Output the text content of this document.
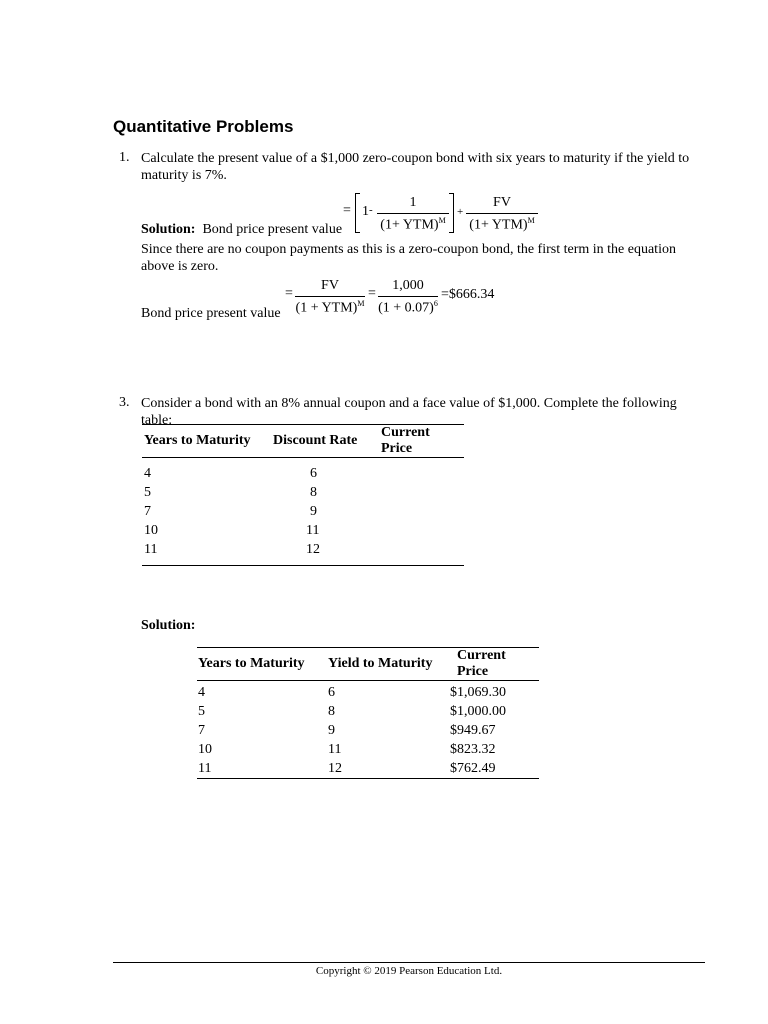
Quantitative Problems
1. Calculate the present value of a $1,000 zero-coupon bond with six years to maturity if the yield to maturity is 7%.
= 1 -	1
(1+ YTM)$^M$
+
FV
(1+ YTM)$^M$
Solution: Bond price present value
Since there are no coupon payments as this is a zero-coupon bond, the first term in the equation above is zero.
Bond price present value
=
FV
(1 + YTM)$^M$
= $\frac{1,000}{(1 + 0.07)^6}$ =$666.34
3. Consider a bond with an 8% annual coupon and a face value of $1,000. Complete the following table:
Years to Maturity	Discount Rate	Current Price
4	6	
5	8	
7	9	
10	11	
11	12	
Solution:
Years to Maturity	Yield to Maturity	Current Price
4	6	$1,069.30
5	8	$1,000.00
7	9	$949.67
10	11	$823.32
11	12	$762.49
Copyright © 2019 Pearson Education Ltd.
